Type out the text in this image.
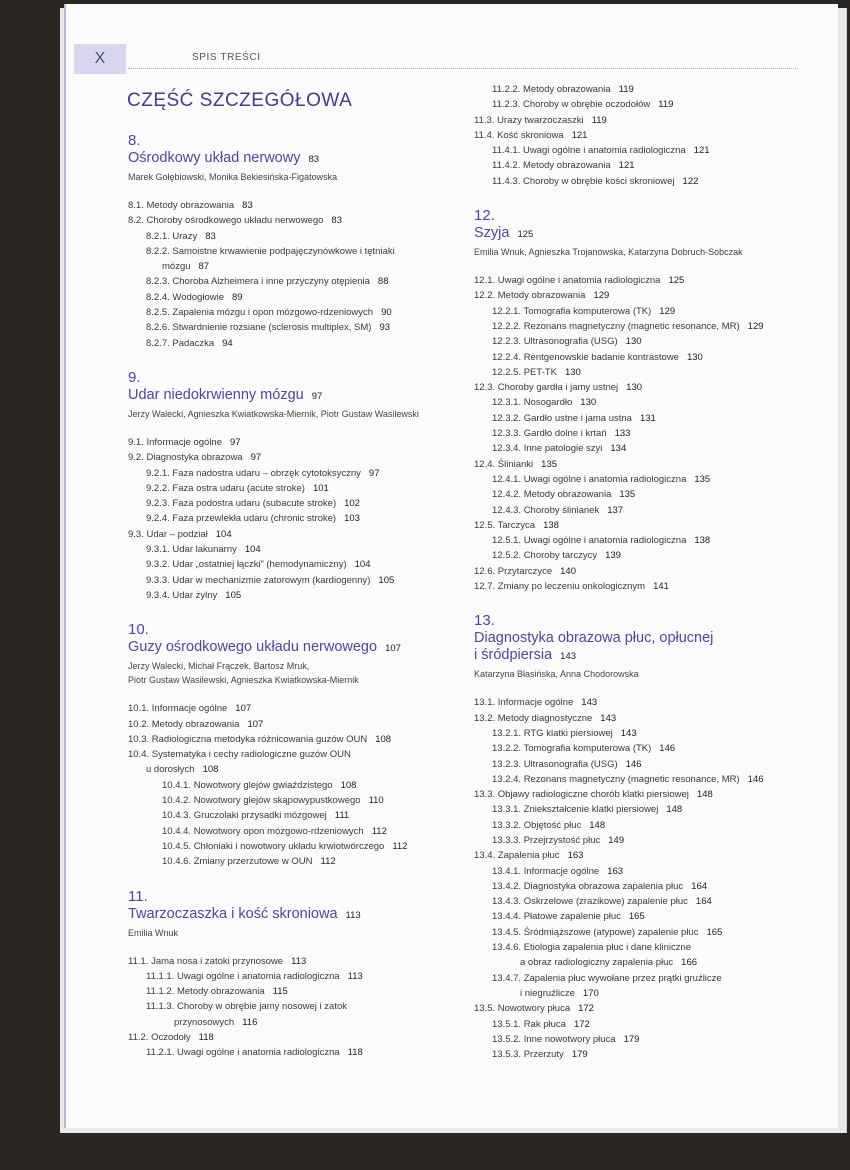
X	SPIS TREŚCI
CZĘŚĆ SZCZEGÓŁOWA
8.
Ośrodkowy układ nerwowy 83
Marek Gołębiowski, Monika Bekiesińska-Figatowska
8.1. Metody obrazowania 83
8.2. Choroby ośrodkowego układu nerwowego 83
8.2.1. Urazy 83
8.2.2. Samoistne krwawienie podpajęczynówkowe i tętniaki
mózgu 87
8.2.3. Choroba Alzheimera i inne przyczyny otępienia 88
8.2.4. Wodogłowie 89
8.2.5. Zapalenia mózgu i opon mózgowo-rdzeniowych 90
8.2.6. Stwardnienie rozsiane (sclerosis multiplex, SM) 93
8.2.7. Padaczka 94
9.
Udar niedokrwienny mózgu 97
Jerzy Walecki, Agnieszka Kwiatkowska-Miernik, Piotr Gustaw Wasilewski
9.1. Informacje ogólne 97
9.2. Diagnostyka obrazowa 97
9.2.1. Faza nadostra udaru – obrzęk cytotoksyczny 97
9.2.2. Faza ostra udaru (acute stroke) 101
9.2.3. Faza podostra udaru (subacute stroke) 102
9.2.4. Faza przewlekła udaru (chronic stroke) 103
9.3. Udar – podział 104
9.3.1. Udar lakunarny 104
9.3.2. Udar „ostatniej łączki” (hemodynamiczny) 104
9.3.3. Udar w mechanizmie zatorowym (kardiogenny) 105
9.3.4. Udar żylny 105
10.
Guzy ośrodkowego układu nerwowego 107
Jerzy Walecki, Michał Frączek, Bartosz Mruk,
Piotr Gustaw Wasilewski, Agnieszka Kwiatkowska-Miernik
10.1. Informacje ogólne 107
10.2. Metody obrazowania 107
10.3. Radiologiczna metodyka różnicowania guzów OUN 108
10.4. Systematyka i cechy radiologiczne guzów OUN
u dorosłych 108
10.4.1. Nowotwory glejów gwiaździstego 108
10.4.2. Nowotwory glejów skąpowypustkowego 110
10.4.3. Gruczolaki przysadki mózgowej 111
10.4.4. Nowotwory opon mózgowo-rdzeniowych 112
10.4.5. Chłoniaki i nowotwory układu krwiotwórczego 112
10.4.6. Zmiany przerzutowe w OUN 112
11.
Twarzoczaszka i kość skroniowa 113
Emilia Wnuk
11.1. Jama nosa i zatoki przynosowe 113
11.1.1. Uwagi ogólne i anatomia radiologiczna 113
11.1.2. Metody obrazowania 115
11.1.3. Choroby w obrębie jamy nosowej i zatok
przynosowych 116
11.2. Oczodoły 118
11.2.1. Uwagi ogólne i anatomia radiologiczna 118
11.2.2. Metody obrazowania 119
11.2.3. Choroby w obrębie oczodołów 119
11.3. Urazy twarzoczaszki 119
11.4. Kość skroniowa 121
11.4.1. Uwagi ogólne i anatomia radiologiczna 121
11.4.2. Metody obrazowania 121
11.4.3. Choroby w obrębie kości skroniowej 122
12.
Szyja 125
Emilia Wnuk, Agnieszka Trojanowska, Katarzyna Dobruch-Sobczak
12.1. Uwagi ogólne i anatomia radiologiczna 125
12.2. Metody obrazowania 129
12.2.1. Tomografia komputerowa (TK) 129
12.2.2. Rezonans magnetyczny (magnetic resonance, MR) 129
12.2.3. Ultrasonografia (USG) 130
12.2.4. Rentgenowskie badanie kontrastowe 130
12.2.5. PET-TK 130
12.3. Choroby gardła i jamy ustnej 130
12.3.1. Nosogardło 130
12.3.2. Gardło ustne i jama ustna 131
12.3.3. Gardło dolne i krtań 133
12.3.4. Inne patologie szyi 134
12.4. Ślinianki 135
12.4.1. Uwagi ogólne i anatomia radiologiczna 135
12.4.2. Metody obrazowania 135
12.4.3. Choroby ślinianek 137
12.5. Tarczyca 138
12.5.1. Uwagi ogólne i anatomia radiologiczna 138
12.5.2. Choroby tarczycy 139
12.6. Przytarczyce 140
12.7. Zmiany po leczeniu onkologicznym 141
13.
Diagnostyka obrazowa płuc, opłucnej
i śródpiersia 143
Katarzyna Błasińska, Anna Chodorowska
13.1. Informacje ogólne 143
13.2. Metody diagnostyczne 143
13.2.1. RTG klatki piersiowej 143
13.2.2. Tomografia komputerowa (TK) 146
13.2.3. Ultrasonografia (USG) 146
13.2.4. Rezonans magnetyczny (magnetic resonance, MR) 146
13.3. Objawy radiologiczne chorób klatki piersiowej 148
13.3.1. Zniekształcenie klatki piersiowej 148
13.3.2. Objętość płuc 148
13.3.3. Przejrzystość płuc 149
13.4. Zapalenia płuc 163
13.4.1. Informacje ogólne 163
13.4.2. Diagnostyka obrazowa zapalenia płuc 164
13.4.3. Oskrzelowe (zrazikowe) zapalenie płuc 164
13.4.4. Płatowe zapalenie płuc 165
13.4.5. Śródmiąższowe (atypowe) zapalenie płuc 165
13.4.6. Etiologia zapalenia płuc i dane kliniczne
a obraz radiologiczny zapalenia płuc 166
13.4.7. Zapalenia płuc wywołane przez prątki gruźlicze
i niegruźlicze 170
13.5. Nowotwory płuca 172
13.5.1. Rak płuca 172
13.5.2. Inne nowotwory płuca 179
13.5.3. Przerzuty 179
